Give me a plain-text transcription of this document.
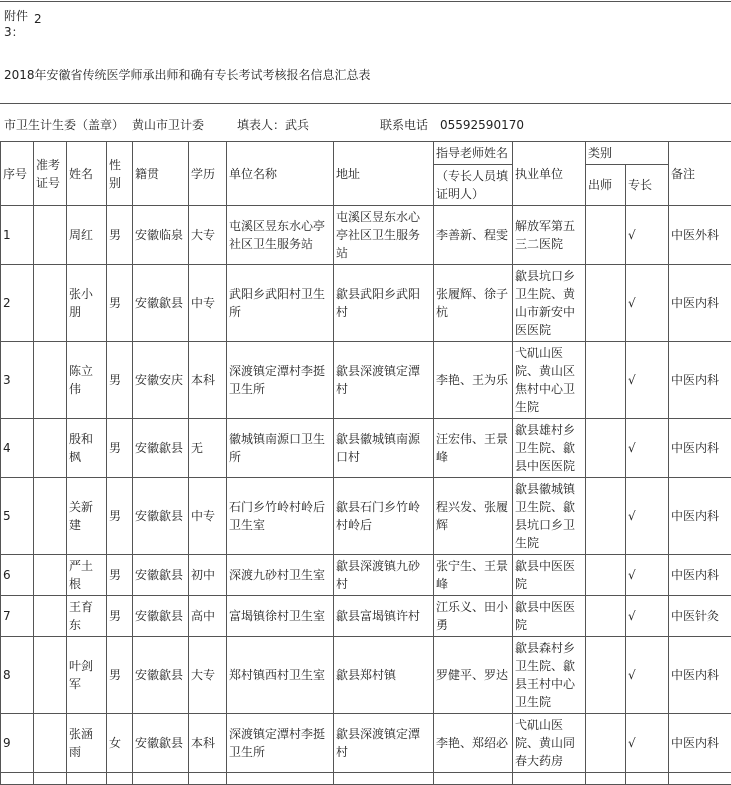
附件3：
2
2018年安徽省传统医学师承出师和确有专长考试考核报名信息汇总表
市卫生计生委（盖章） 黄山市卫计委	填表人：武兵	联系电话　05592590170
序号	准考证号	姓名	性别	籍贯	学历	单位名称	地址	指导老师姓名	执业单位	类别		备注
								（专长人员填证明人）		出师	专长	
1		周红	男	安徽临泉	大专	屯溪区昱东水心亭社区卫生服务站	屯溪区昱东水心亭社区卫生服务站	李善新、程雯	解放军第五三二医院		√	中医外科
2		张小朋	男	安徽歙县	中专	武阳乡武阳村卫生所	歙县武阳乡武阳村	张履辉、徐子杭	歙县坑口乡卫生院、黄山市新安中医医院		√	中医内科
3		陈立伟	男	安徽安庆	本科	深渡镇定潭村李挺卫生所	歙县深渡镇定潭村	李艳、王为乐	弋矶山医院、黄山区焦村中心卫生院		√	中医内科
4		殷和枫	男	安徽歙县	无	徽城镇南源口卫生所	歙县徽城镇南源口村	汪宏伟、王景峰	歙县雄村乡卫生院、歙县中医医院		√	中医内科
5		关新建	男	安徽歙县	中专	石门乡竹岭村岭后卫生室	歙县石门乡竹岭村岭后	程兴发、张履辉	歙县徽城镇卫生院、歙县坑口乡卫生院		√	中医内科
6		严土根	男	安徽歙县	初中	深渡九砂村卫生室	歙县深渡镇九砂村	张宁生、王景峰	歙县中医医院		√	中医内科
7		王育东	男	安徽歙县	高中	富堨镇徐村卫生室	歙县富堨镇许村	江乐义、田小勇	歙县中医医院		√	中医针灸
8		叶剑军	男	安徽歙县	大专	郑村镇西村卫生室	歙县郑村镇	罗健平、罗达	歙县森村乡卫生院、歙县王村中心卫生院		√	中医内科
9		张涵雨	女	安徽歙县	本科	深渡镇定潭村李挺卫生所	歙县深渡镇定潭村	李艳、郑绍必	弋矶山医院、黄山同春大药房		√	中医内科
